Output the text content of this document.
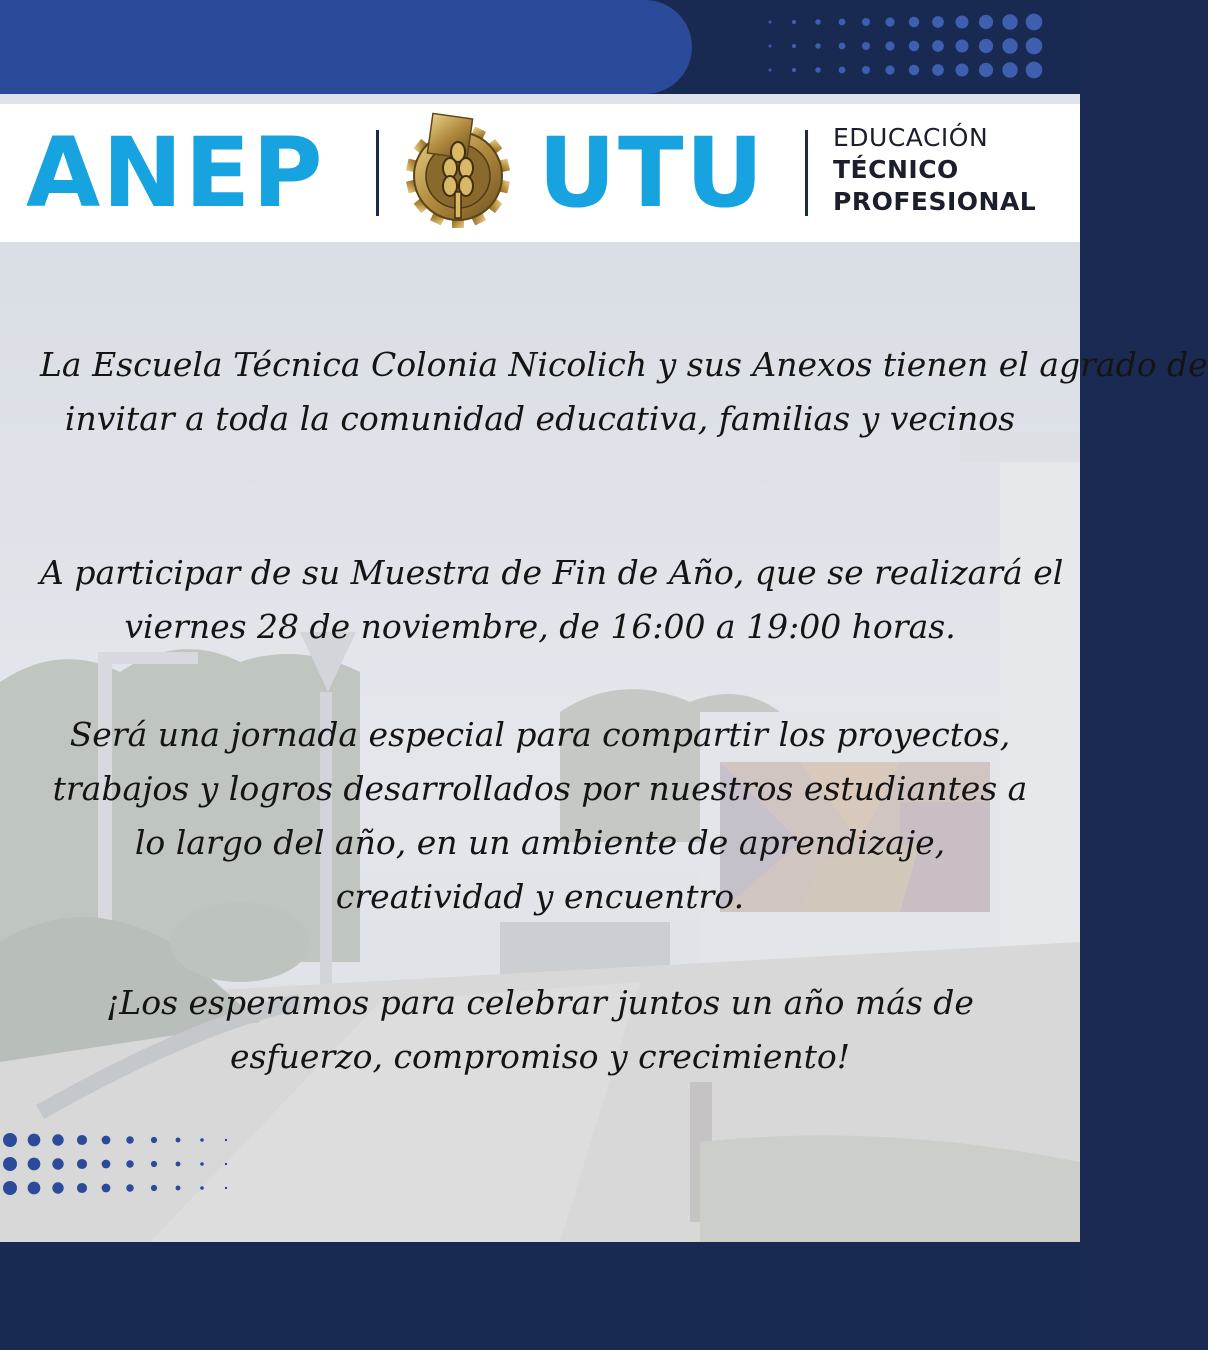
ANEP UTU	EDUCACIÓN
TÉCNICO
PROFESIONAL
La Escuela Técnica Colonia Nicolich y sus Anexos tienen el agrado de
invitar a toda la comunidad educativa, familias y vecinos
A participar de su Muestra de Fin de Año, que se realizará el
viernes 28 de noviembre, de 16:00 a 19:00 horas.
Será una jornada especial para compartir los proyectos,
trabajos y logros desarrollados por nuestros estudiantes a
lo largo del año, en un ambiente de aprendizaje,
creatividad y encuentro.
¡Los esperamos para celebrar juntos un año más de
esfuerzo, compromiso y crecimiento!
